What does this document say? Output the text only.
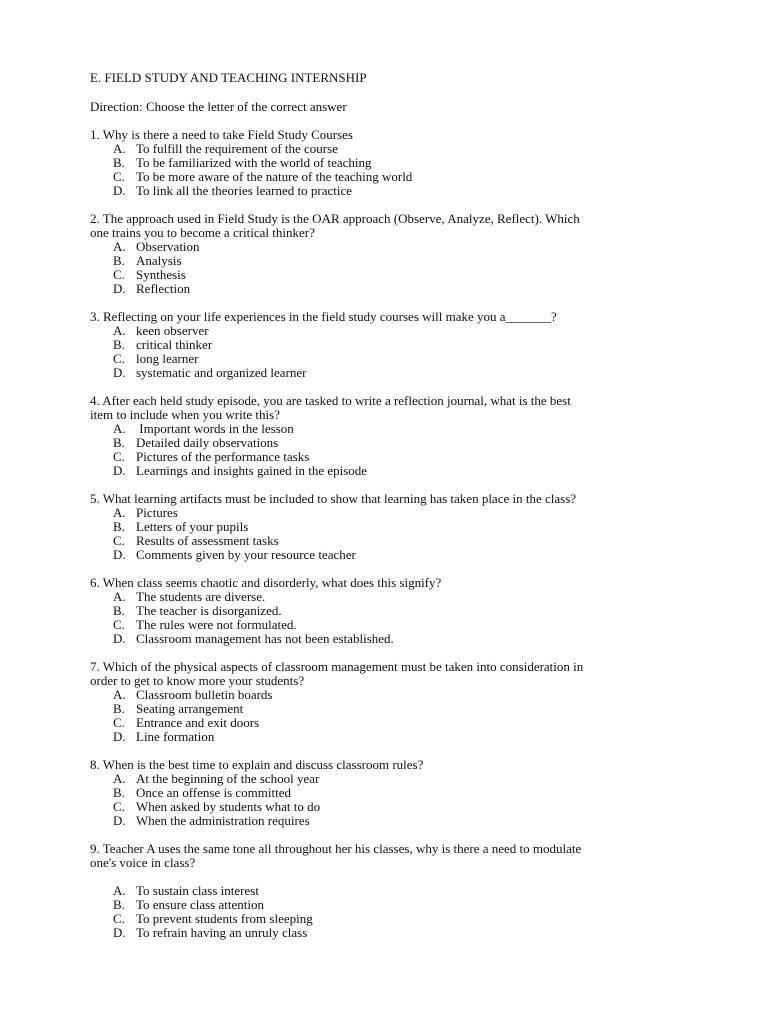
E. FIELD STUDY AND TEACHING INTERNSHIP
Direction: Choose the letter of the correct answer
1. Why is there a need to take Field Study Courses
A. To fulfill the requirement of the course
B. To be familiarized with the world of teaching
C. To be more aware of the nature of the teaching world
D. To link all the theories learned to practice
2. The approach used in Field Study is the OAR approach (Observe, Analyze, Reflect). Which
one trains you to become a critical thinker?
A. Observation
B. Analysis
C. Synthesis
D. Reflection
3. Reflecting on your life experiences in the field study courses will make you a_______?
A. keen observer
B. critical thinker
C. long learner
D. systematic and organized learner
4. After each held study episode, you are tasked to write a reflection journal, what is the best
item to include when you write this?
A. Important words in the lesson
B. Detailed daily observations
C. Pictures of the performance tasks
D. Learnings and insights gained in the episode
5. What learning artifacts must be included to show that learning has taken place in the class?
A. Pictures
B. Letters of your pupils
C. Results of assessment tasks
D. Comments given by your resource teacher
6. When class seems chaotic and disorderly, what does this signify?
A. The students are diverse.
B. The teacher is disorganized.
C. The rules were not formulated.
D. Classroom management has not been established.
7. Which of the physical aspects of classroom management must be taken into consideration in
order to get to know more your students?
A. Classroom bulletin boards
B. Seating arrangement
C. Entrance and exit doors
D. Line formation
8. When is the best time to explain and discuss classroom rules?
A. At the beginning of the school year
B. Once an offense is committed
C. When asked by students what to do
D. When the administration requires
9. Teacher A uses the same tone all throughout her his classes, why is there a need to modulate
one's voice in class?
A. To sustain class interest
B. To ensure class attention
C. To prevent students from sleeping
D. To refrain having an unruly class
